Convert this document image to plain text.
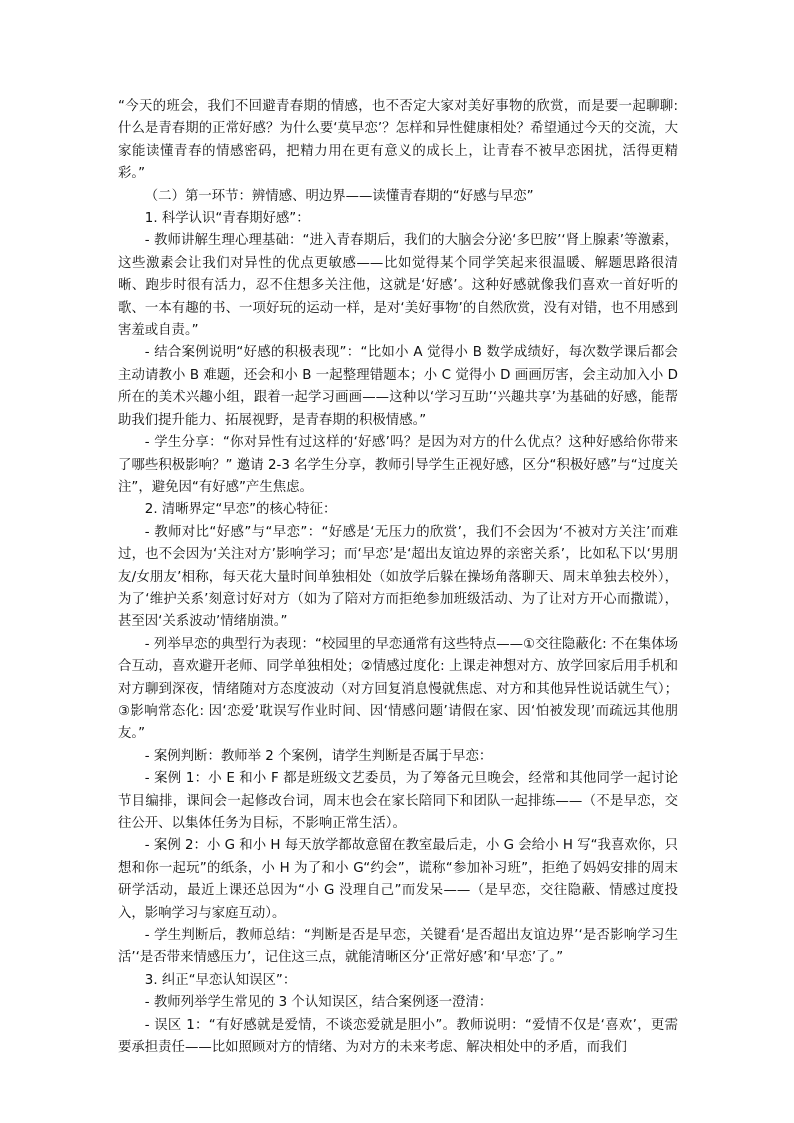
“今天的班会，我们不回避青春期的情感，也不否定大家对美好事物的欣赏，而是要一起聊聊: 什么是青春期的正常好感？为什么要‘莫早恋’？怎样和异性健康相处？希望通过今天的交流，大家能读懂青春的情感密码，把精力用在更有意义的成长上，让青春不被早恋困扰，活得更精彩。”

（二）第一环节：辨情感、明边界——读懂青春期的“好感与早恋”

1. 科学认识“青春期好感”：

- 教师讲解生理心理基础：“进入青春期后，我们的大脑会分泌‘多巴胺’‘肾上腺素’等激素，这些激素会让我们对异性的优点更敏感——比如觉得某个同学笑起来很温暖、解题思路很清晰、跑步时很有活力，忍不住想多关注他，这就是‘好感’。这种好感就像我们喜欢一首好听的歌、一本有趣的书、一项好玩的运动一样，是对‘美好事物’的自然欣赏，没有对错，也不用感到害羞或自责。”

- 结合案例说明“好感的积极表现”：“比如小 A 觉得小 B 数学成绩好，每次数学课后都会主动请教小 B 难题，还会和小 B 一起整理错题本；小 C 觉得小 D 画画厉害，会主动加入小 D 所在的美术兴趣小组，跟着一起学习画画——这种以‘学习互助’‘兴趣共享’为基础的好感，能帮助我们提升能力、拓展视野，是青春期的积极情感。”

- 学生分享：“你对异性有过这样的‘好感’吗？是因为对方的什么优点？这种好感给你带来了哪些积极影响？” 邀请 2-3 名学生分享，教师引导学生正视好感，区分“积极好感”与“过度关注”，避免因“有好感”产生焦虑。

2. 清晰界定“早恋”的核心特征：

- 教师对比“好感”与“早恋”：“好感是‘无压力的欣赏’，我们不会因为‘不被对方关注’而难过，也不会因为‘关注对方’影响学习；而‘早恋’是‘超出友谊边界的亲密关系’，比如私下以‘男朋友/女朋友’相称，每天花大量时间单独相处（如放学后躲在操场角落聊天、周末单独去校外），为了‘维护关系’刻意讨好对方（如为了陪对方而拒绝参加班级活动、为了让对方开心而撒谎），甚至因‘关系波动’情绪崩溃。”

- 列举早恋的典型行为表现：“校园里的早恋通常有这些特点——①交往隐蔽化: 不在集体场合互动，喜欢避开老师、同学单独相处；②情感过度化: 上课走神想对方、放学回家后用手机和对方聊到深夜，情绪随对方态度波动（对方回复消息慢就焦虑、对方和其他异性说话就生气）；③影响常态化: 因‘恋爱’耽误写作业时间、因‘情感问题’请假在家、因‘怕被发现’而疏远其他朋友。”

- 案例判断：教师举 2 个案例，请学生判断是否属于早恋：

- 案例 1：小 E 和小 F 都是班级文艺委员，为了筹备元旦晚会，经常和其他同学一起讨论节目编排，课间会一起修改台词，周末也会在家长陪同下和团队一起排练——（不是早恋，交往公开、以集体任务为目标，不影响正常生活）。

- 案例 2：小 G 和小 H 每天放学都故意留在教室最后走，小 G 会给小 H 写“我喜欢你，只想和你一起玩”的纸条，小 H 为了和小 G“约会”，谎称“参加补习班”，拒绝了妈妈安排的周末研学活动，最近上课还总因为“小 G 没理自己”而发呆——（是早恋，交往隐蔽、情感过度投入，影响学习与家庭互动）。

- 学生判断后，教师总结：“判断是否是早恋，关键看‘是否超出友谊边界’‘是否影响学习生活’‘是否带来情感压力’，记住这三点，就能清晰区分‘正常好感’和‘早恋’了。”

3. 纠正“早恋认知误区”：

- 教师列举学生常见的 3 个认知误区，结合案例逐一澄清：

- 误区 1：“有好感就是爱情，不谈恋爱就是胆小”。教师说明：“爱情不仅是‘喜欢’，更需要承担责任——比如照顾对方的情绪、为对方的未来考虑、解决相处中的矛盾，而我们
